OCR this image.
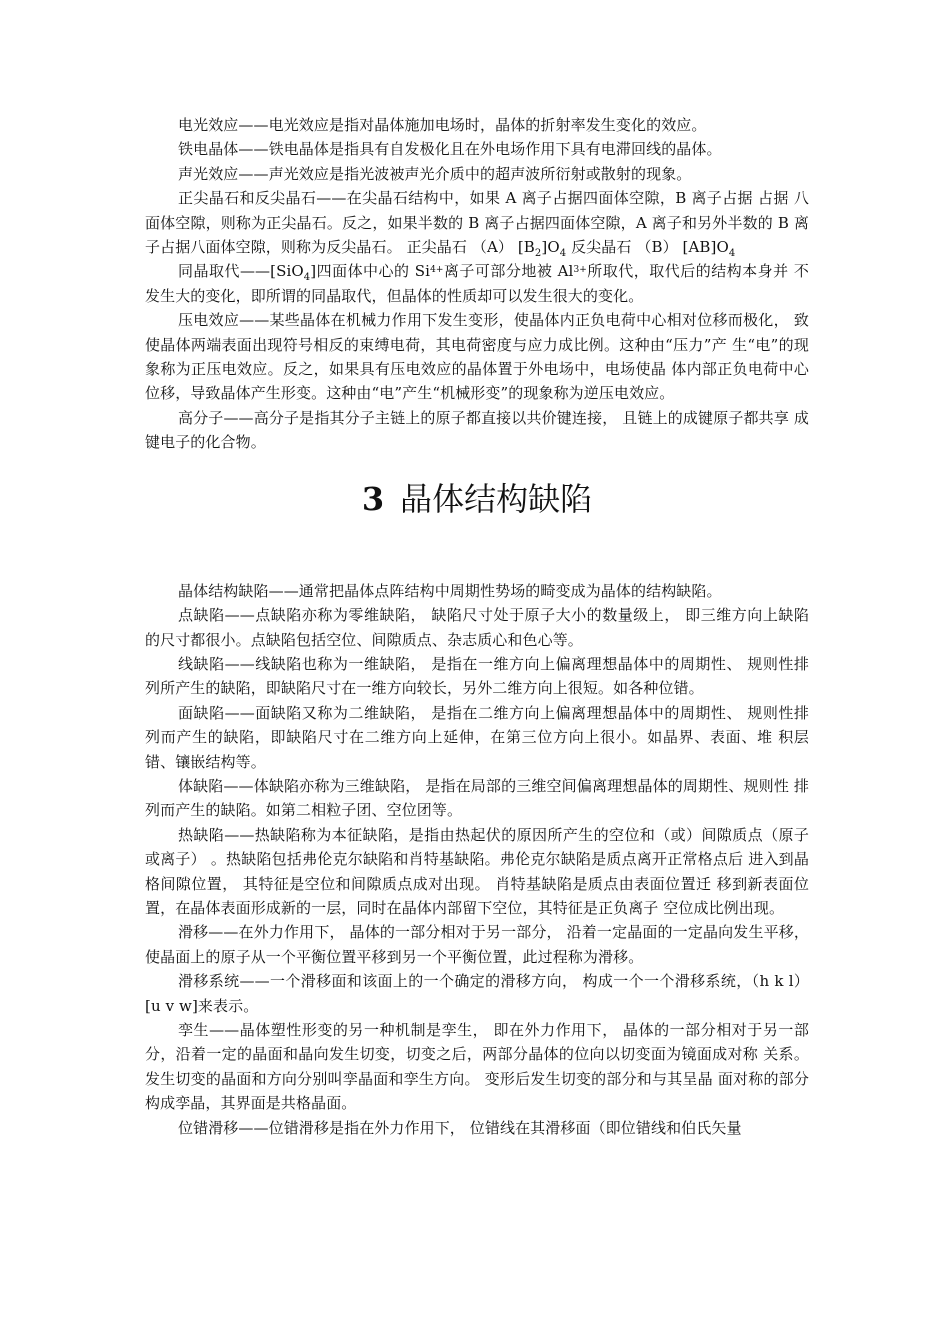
电光效应——电光效应是指对晶体施加电场时，晶体的折射率发生变化的效应。

铁电晶体——铁电晶体是指具有自发极化且在外电场作用下具有电滞回线的晶体。

声光效应——声光效应是指光波被声光介质中的超声波所衍射或散射的现象。

正尖晶石和反尖晶石——在尖晶石结构中，如果 A 离子占据四面体空隙，B 离子占据 占据 八面体空隙，则称为正尖晶石。反之，如果半数的 B 离子占据四面体空隙，A 离子和另外半数的 B 离子占据八面体空隙，则称为反尖晶石。 正尖晶石 （A） $[B_2]O_4$ 反尖晶石 （B） $[AB]O_4$

同晶取代——[SiO$_4$]四面体中心的 $Si^{4+}$离子可部分地被 $Al^{3+}$所取代，取代后的结构本身并 不发生大的变化，即所谓的同晶取代，但晶体的性质却可以发生很大的变化。

压电效应——某些晶体在机械力作用下发生变形，使晶体内正负电荷中心相对位移而极化， 致使晶体两端表面出现符号相反的束缚电荷，其电荷密度与应力成比例。这种由“压力”产 生“电”的现象称为正压电效应。反之，如果具有压电效应的晶体置于外电场中，电场使晶 体内部正负电荷中心位移，导致晶体产生形变。这种由“电”产生“机械形变”的现象称为逆压电效应。

高分子——高分子是指其分子主链上的原子都直接以共价键连接， 且链上的成键原子都共享 成键电子的化合物。

3 晶体结构缺陷

晶体结构缺陷——通常把晶体点阵结构中周期性势场的畸变成为晶体的结构缺陷。

点缺陷——点缺陷亦称为零维缺陷， 缺陷尺寸处于原子大小的数量级上， 即三维方向上缺陷 的尺寸都很小。点缺陷包括空位、间隙质点、杂志质心和色心等。

线缺陷——线缺陷也称为一维缺陷， 是指在一维方向上偏离理想晶体中的周期性、 规则性排 列所产生的缺陷，即缺陷尺寸在一维方向较长，另外二维方向上很短。如各种位错。

面缺陷——面缺陷又称为二维缺陷， 是指在二维方向上偏离理想晶体中的周期性、 规则性排 列而产生的缺陷，即缺陷尺寸在二维方向上延伸，在第三位方向上很小。如晶界、表面、堆 积层错、镶嵌结构等。

体缺陷——体缺陷亦称为三维缺陷， 是指在局部的三维空间偏离理想晶体的周期性、规则性 排列而产生的缺陷。如第二相粒子团、空位团等。

热缺陷——热缺陷称为本征缺陷，是指由热起伏的原因所产生的空位和（或）间隙质点（原子或离子） 。热缺陷包括弗伦克尔缺陷和肖特基缺陷。弗伦克尔缺陷是质点离开正常格点后 进入到晶格间隙位置， 其特征是空位和间隙质点成对出现。 肖特基缺陷是质点由表面位置迁 移到新表面位置，在晶体表面形成新的一层，同时在晶体内部留下空位，其特征是正负离子 空位成比例出现。

滑移——在外力作用下， 晶体的一部分相对于另一部分， 沿着一定晶面的一定晶向发生平移， 使晶面上的原子从一个平衡位置平移到另一个平衡位置，此过程称为滑移。

滑移系统——一个滑移面和该面上的一个确定的滑移方向， 构成一个一个滑移系统，（h k l）[u v w]来表示。

孪生——晶体塑性形变的另一种机制是孪生， 即在外力作用下， 晶体的一部分相对于另一部 分，沿着一定的晶面和晶向发生切变，切变之后，两部分晶体的位向以切变面为镜面成对称 关系。 发生切变的晶面和方向分别叫孪晶面和孪生方向。 变形后发生切变的部分和与其呈晶 面对称的部分构成孪晶，其界面是共格晶面。

位错滑移——位错滑移是指在外力作用下， 位错线在其滑移面（即位错线和伯氏矢量
